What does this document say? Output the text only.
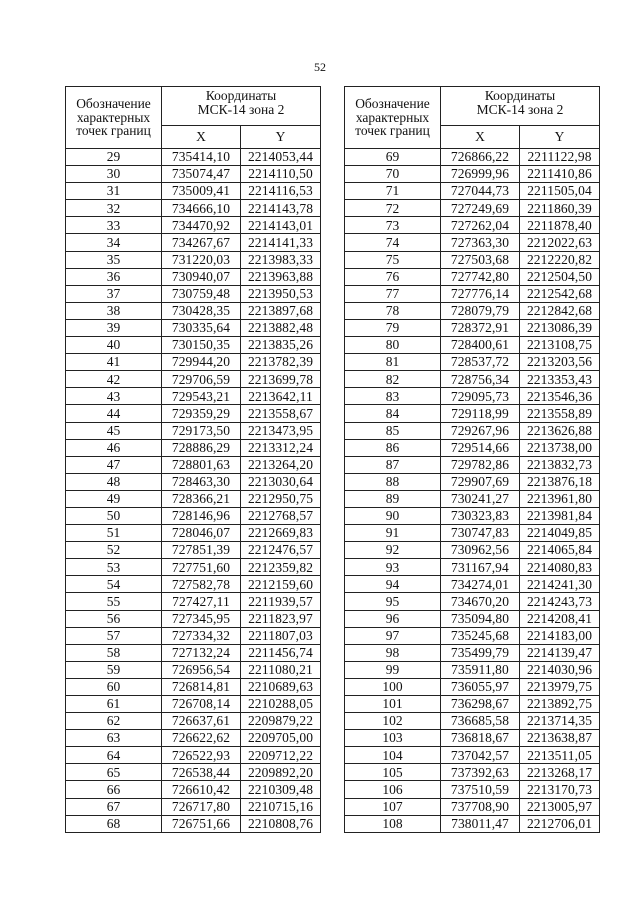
52
Обозначение характерных точек границ	Координаты
МСК-14 зона 2	
	X	Y
29	735414,10	2214053,44
30	735074,47	2214110,50
31	735009,41	2214116,53
32	734666,10	2214143,78
33	734470,92	2214143,01
34	734267,67	2214141,33
35	731220,03	2213983,33
36	730940,07	2213963,88
37	730759,48	2213950,53
38	730428,35	2213897,68
39	730335,64	2213882,48
40	730150,35	2213835,26
41	729944,20	2213782,39
42	729706,59	2213699,78
43	729543,21	2213642,11
44	729359,29	2213558,67
45	729173,50	2213473,95
46	728886,29	2213312,24
47	728801,63	2213264,20
48	728463,30	2213030,64
49	728366,21	2212950,75
50	728146,96	2212768,57
51	728046,07	2212669,83
52	727851,39	2212476,57
53	727751,60	2212359,82
54	727582,78	2212159,60
55	727427,11	2211939,57
56	727345,95	2211823,97
57	727334,32	2211807,03
58	727132,24	2211456,74
59	726956,54	2211080,21
60	726814,81	2210689,63
61	726708,14	2210288,05
62	726637,61	2209879,22
63	726622,62	2209705,00
64	726522,93	2209712,22
65	726538,44	2209892,20
66	726610,42	2210309,48
67	726717,80	2210715,16
68	726751,66	2210808,76
Обозначение характерных точек границ	Координаты
МСК-14 зона 2	
	X	Y
69	726866,22	2211122,98
70	726999,96	2211410,86
71	727044,73	2211505,04
72	727249,69	2211860,39
73	727262,04	2211878,40
74	727363,30	2212022,63
75	727503,68	2212220,82
76	727742,80	2212504,50
77	727776,14	2212542,68
78	728079,79	2212842,68
79	728372,91	2213086,39
80	728400,61	2213108,75
81	728537,72	2213203,56
82	728756,34	2213353,43
83	729095,73	2213546,36
84	729118,99	2213558,89
85	729267,96	2213626,88
86	729514,66	2213738,00
87	729782,86	2213832,73
88	729907,69	2213876,18
89	730241,27	2213961,80
90	730323,83	2213981,84
91	730747,83	2214049,85
92	730962,56	2214065,84
93	731167,94	2214080,83
94	734274,01	2214241,30
95	734670,20	2214243,73
96	735094,80	2214208,41
97	735245,68	2214183,00
98	735499,79	2214139,47
99	735911,80	2214030,96
100	736055,97	2213979,75
101	736298,67	2213892,75
102	736685,58	2213714,35
103	736818,67	2213638,87
104	737042,57	2213511,05
105	737392,63	2213268,17
106	737510,59	2213170,73
107	737708,90	2213005,97
108	738011,47	2212706,01
